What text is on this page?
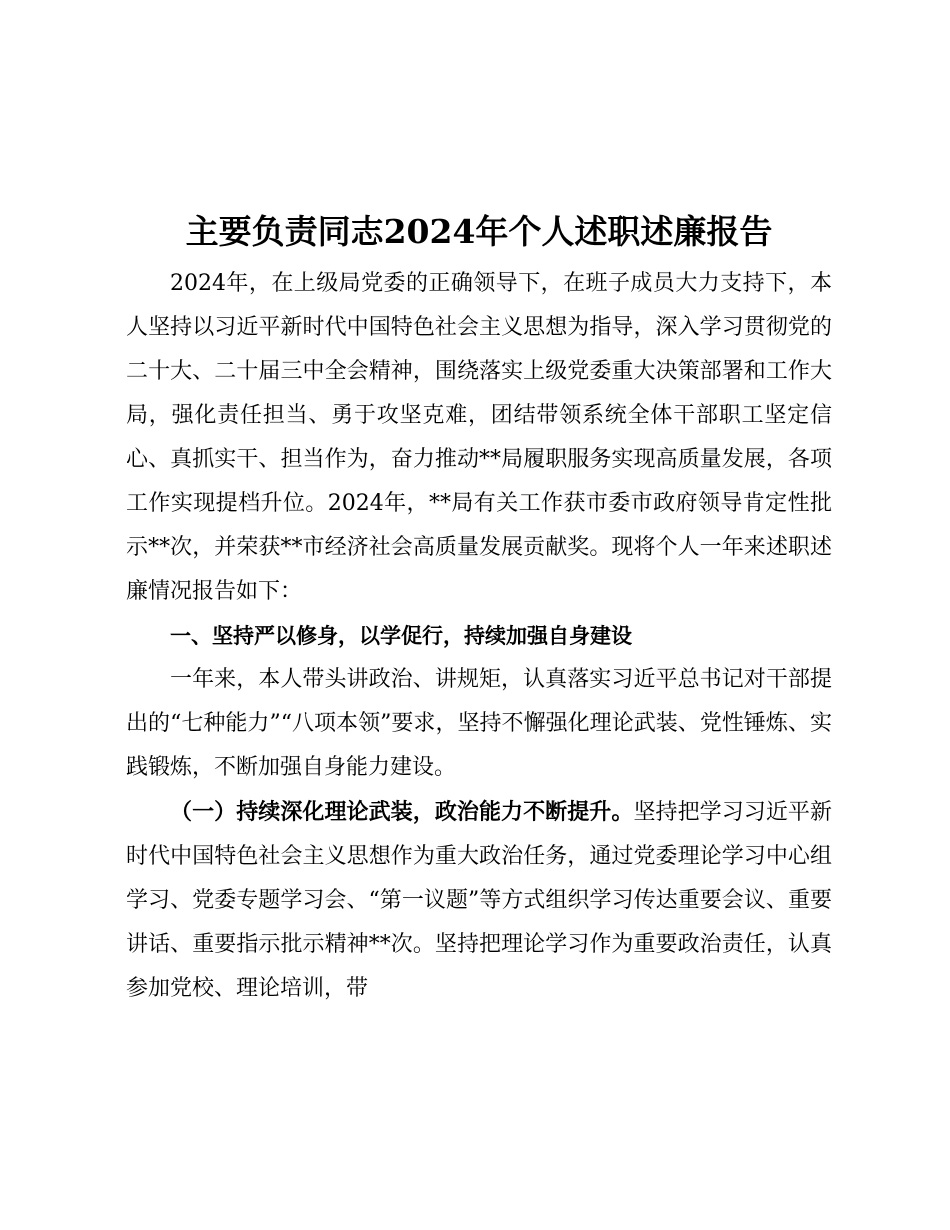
主要负责同志2024年个人述职述廉报告

2024年，在上级局党委的正确领导下，在班子成员大力支持下，本人坚持以习近平新时代中国特色社会主义思想为指导，深入学习贯彻党的二十大、二十届三中全会精神，围绕落实上级党委重大决策部署和工作大局，强化责任担当、勇于攻坚克难，团结带领系统全体干部职工坚定信心、真抓实干、担当作为，奋力推动**局履职服务实现高质量发展，各项工作实现提档升位。2024年，**局有关工作获市委市政府领导肯定性批示**次，并荣获**市经济社会高质量发展贡献奖。现将个人一年来述职述廉情况报告如下：

一、坚持严以修身，以学促行，持续加强自身建设

一年来，本人带头讲政治、讲规矩，认真落实习近平总书记对干部提出的“七种能力”“八项本领”要求，坚持不懈强化理论武装、党性锤炼、实践锻炼，不断加强自身能力建设。

（一）持续深化理论武装，政治能力不断提升。坚持把学习习近平新时代中国特色社会主义思想作为重大政治任务，通过党委理论学习中心组学习、党委专题学习会、“第一议题”等方式组织学习传达重要会议、重要讲话、重要指示批示精神**次。坚持把理论学习作为重要政治责任，认真参加党校、理论培训，带
